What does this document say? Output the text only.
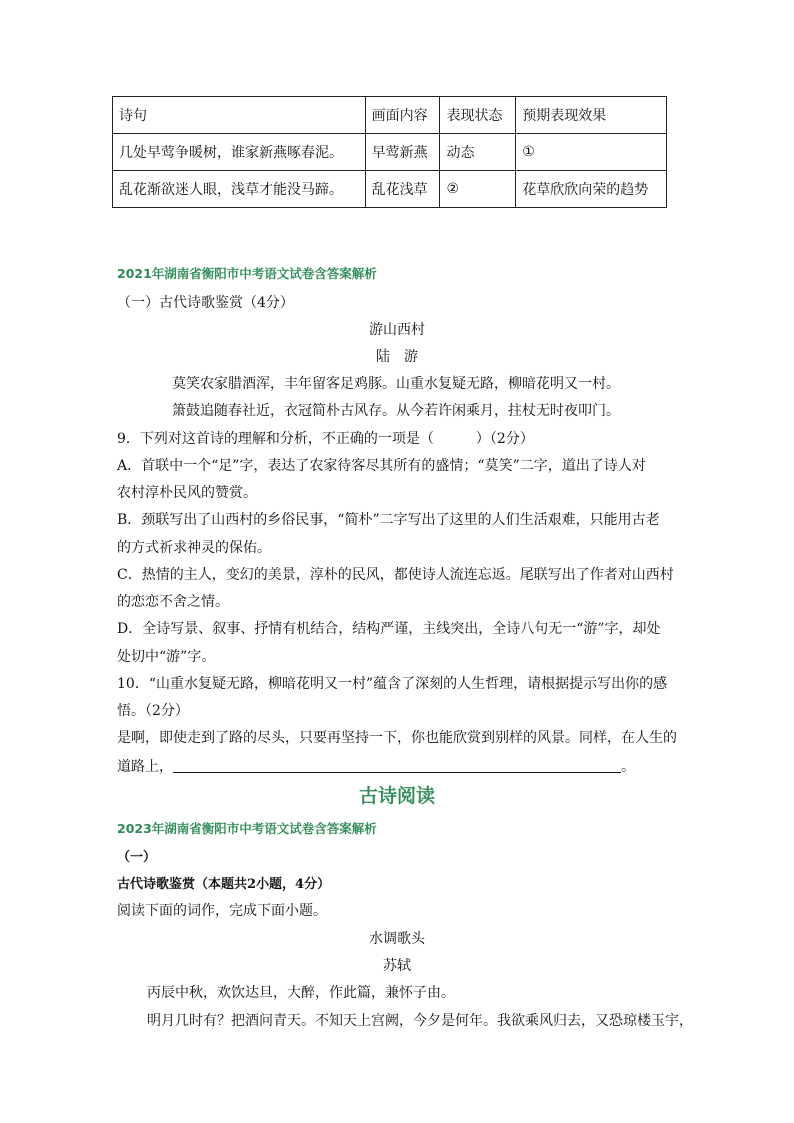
诗句	画面内容	表现状态	预期表现效果
几处早莺争暖树，谁家新燕啄春泥。	早莺新燕	动态	①
乱花渐欲迷人眼，浅草才能没马蹄。	乱花浅草	②	花草欣欣向荣的趋势
2021年湖南省衡阳市中考语文试卷含答案解析
（一）古代诗歌鉴赏（4分）
游山西村
陆　游
莫笑农家腊酒浑，丰年留客足鸡豚。山重水复疑无路，柳暗花明又一村。
箫鼓追随春社近，衣冠简朴古风存。从今若许闲乘月，拄杖无时夜叩门。
9．下列对这首诗的理解和分析，不正确的一项是（　　　）（2分）
A．首联中一个“足”字，表达了农家待客尽其所有的盛情；“莫笑”二字，道出了诗人对
农村淳朴民风的赞赏。
B．颈联写出了山西村的乡俗民事，“简朴”二字写出了这里的人们生活艰难，只能用古老
的方式祈求神灵的保佑。
C．热情的主人，变幻的美景，淳朴的民风，都使诗人流连忘返。尾联写出了作者对山西村
的恋恋不舍之情。
D．全诗写景、叙事、抒情有机结合，结构严谨，主线突出，全诗八句无一“游”字，却处
处切中“游”字。
10．“山重水复疑无路，柳暗花明又一村”蕴含了深刻的人生哲理，请根据提示写出你的感
悟。（2分）
是啊，即使走到了路的尽头，只要再坚持一下，你也能欣赏到别样的风景。同样，在人生的
道路上，	。
古诗阅读
2023年湖南省衡阳市中考语文试卷含答案解析
（一）
古代诗歌鉴赏（本题共2小题，4分）
阅读下面的词作，完成下面小题。
水调歌头
苏轼
丙辰中秋，欢饮达旦，大醉，作此篇，兼怀子由。
明月几时有？把酒问青天。不知天上宫阙，今夕是何年。我欲乘风归去，又恐琼楼玉宇，
